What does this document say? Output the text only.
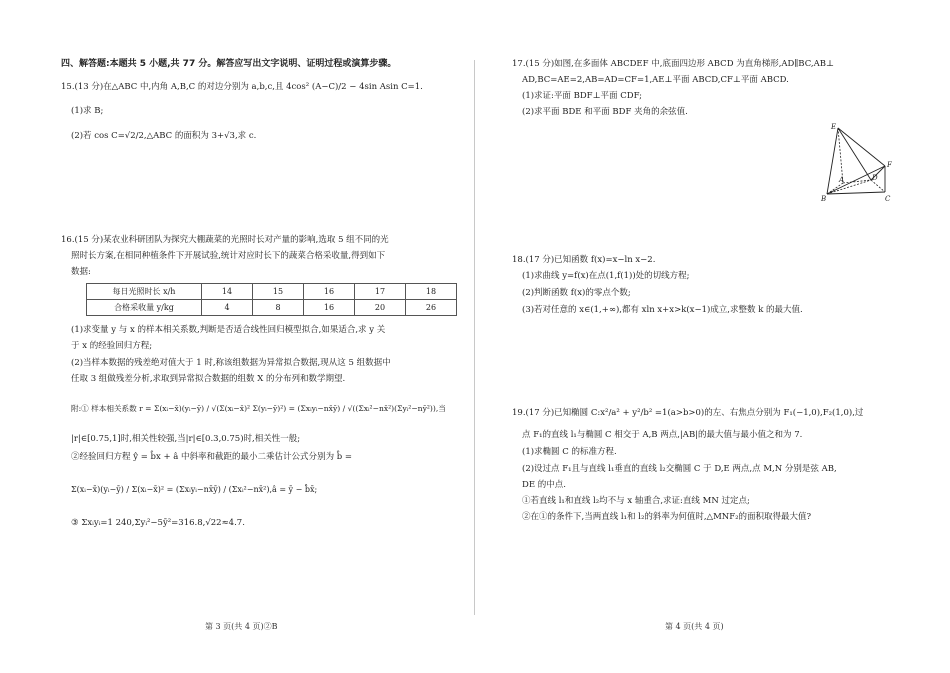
四、解答题:本题共 5 小题,共 77 分。解答应写出文字说明、证明过程或演算步骤。
15.(13 分)在△ABC 中,内角 A,B,C 的对边分别为 a,b,c,且 4cos² (A−C)/2 − 4sin Asin C=1.
(1)求 B;
(2)若 cos C=√2/2,△ABC 的面积为 3+√3,求 c.
16.(15 分)某农业科研团队为探究大棚蔬菜的光照时长对产量的影响,选取 5 组不同的光
照时长方案,在相同种植条件下开展试验,统计对应时长下的蔬菜合格采收量,得到如下
数据:
每日光照时长 x/h	14	15	16	17	18
合格采收量 y/kg	4	8	16	20	26
(1)求变量 y 与 x 的样本相关系数,判断是否适合线性回归模型拟合,如果适合,求 y 关
于 x 的经验回归方程;
(2)当样本数据的残差绝对值大于 1 时,称该组数据为异常拟合数据,现从这 5 组数据中
任取 3 组做残差分析,求取到异常拟合数据的组数 X 的分布列和数学期望.
附:① 样本相关系数 r = Σ(xᵢ−x̄)(yᵢ−ȳ) / √(Σ(xᵢ−x̄)² Σ(yᵢ−ȳ)²) = (Σxᵢyᵢ−nx̄ȳ) / √((Σxᵢ²−nx̄²)(Σyᵢ²−nȳ²)),当
|r|∈[0.75,1]时,相关性较强,当|r|∈[0.3,0.75)时,相关性一般;
②经验回归方程 ŷ = b̂x + â 中斜率和截距的最小二乘估计公式分别为 b̂ =
Σ(xᵢ−x̄)(yᵢ−ȳ) / Σ(xᵢ−x̄)² = (Σxᵢyᵢ−nx̄ȳ) / (Σxᵢ²−nx̄²),â = ȳ − b̂x̄;
③ Σxᵢyᵢ=1 240,Σyᵢ²−5ȳ²=316.8,√22≈4.7.
第 3 页(共 4 页)②B
17.(15 分)如图,在多面体 ABCDEF 中,底面四边形 ABCD 为直角梯形,AD∥BC,AB⊥
AD,BC=AE=2,AB=AD=CF=1,AE⊥平面 ABCD,CF⊥平面 ABCD.
(1)求证:平面 BDF⊥平面 CDF;
(2)求平面 BDE 和平面 BDF 夹角的余弦值.
18.(17 分)已知函数 f(x)=x−ln x−2.
(1)求曲线 y=f(x)在点(1,f(1))处的切线方程;
(2)判断函数 f(x)的零点个数;
(3)若对任意的 x∈(1,+∞),都有 xln x+x>k(x−1)成立,求整数 k 的最大值.
19.(17 分)已知椭圆 C:x²/a² + y²/b² =1(a>b>0)的左、右焦点分别为 F₁(−1,0),F₂(1,0),过
点 F₁的直线 l₁与椭圆 C 相交于 A,B 两点,|AB|的最大值与最小值之和为 7.
(1)求椭圆 C 的标准方程.
(2)设过点 F₁且与直线 l₁垂直的直线 l₂交椭圆 C 于 D,E 两点,点 M,N 分别是弦 AB,
DE 的中点.
①若直线 l₁和直线 l₂均不与 x 轴重合,求证:直线 MN 过定点;
②在①的条件下,当两直线 l₁和 l₂的斜率为何值时,△MNF₂的面积取得最大值?
第 4 页(共 4 页)
E
F
A	D
B	C
